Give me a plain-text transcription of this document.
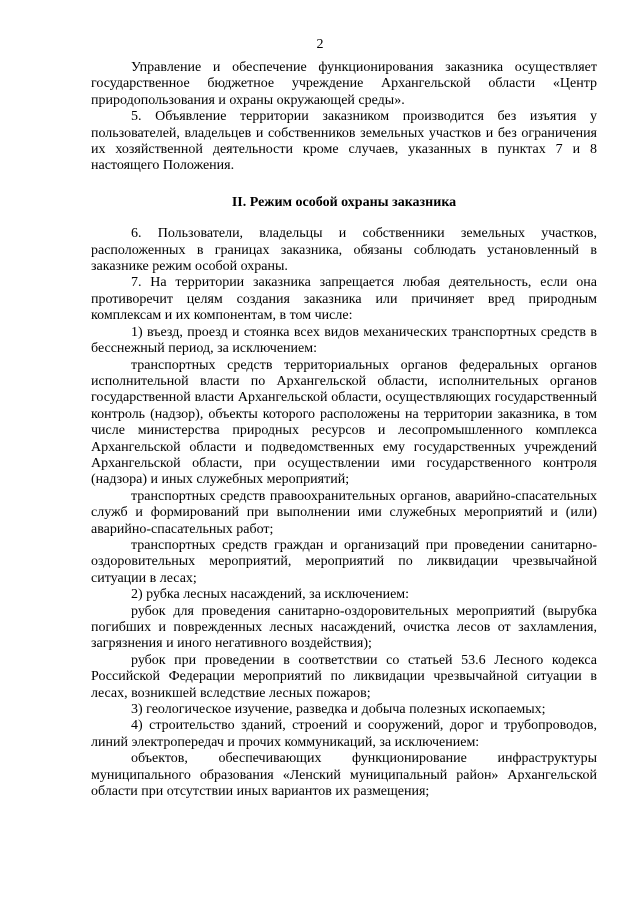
2

Управление и обеспечение функционирования заказника осуществляет государственное бюджетное учреждение Архангельской области «Центр природопользования и охраны окружающей среды».

5. Объявление территории заказником производится без изъятия у пользователей, владельцев и собственников земельных участков и без ограничения их хозяйственной деятельности кроме случаев, указанных в пунктах 7 и 8 настоящего Положения.

II. Режим особой охраны заказника

6. Пользователи, владельцы и собственники земельных участков, расположенных в границах заказника, обязаны соблюдать установленный в заказнике режим особой охраны.

7. На территории заказника запрещается любая деятельность, если она противоречит целям создания заказника или причиняет вред природным комплексам и их компонентам, в том числе:

1) въезд, проезд и стоянка всех видов механических транспортных средств в бесснежный период, за исключением:

транспортных средств территориальных органов федеральных органов исполнительной власти по Архангельской области, исполнительных органов государственной власти Архангельской области, осуществляющих государственный контроль (надзор), объекты которого расположены на территории заказника, в том числе министерства природных ресурсов и лесопромышленного комплекса Архангельской области и подведомственных ему государственных учреждений Архангельской области, при осуществлении ими государственного контроля (надзора) и иных служебных мероприятий;

транспортных средств правоохранительных органов, аварийно-спасательных служб и формирований при выполнении ими служебных мероприятий и (или) аварийно-спасательных работ;

транспортных средств граждан и организаций при проведении санитарно-оздоровительных мероприятий, мероприятий по ликвидации чрезвычайной ситуации в лесах;

2) рубка лесных насаждений, за исключением:

рубок для проведения санитарно-оздоровительных мероприятий (вырубка погибших и поврежденных лесных насаждений, очистка лесов от захламления, загрязнения и иного негативного воздействия);

рубок при проведении в соответствии со статьей 53.6 Лесного кодекса Российской Федерации мероприятий по ликвидации чрезвычайной ситуации в лесах, возникшей вследствие лесных пожаров;

3) геологическое изучение, разведка и добыча полезных ископаемых;

4) строительство зданий, строений и сооружений, дорог и трубопроводов, линий электропередач и прочих коммуникаций, за исключением:

объектов, обеспечивающих функционирование инфраструктуры муниципального образования «Ленский муниципальный район» Архангельской области при отсутствии иных вариантов их размещения;
